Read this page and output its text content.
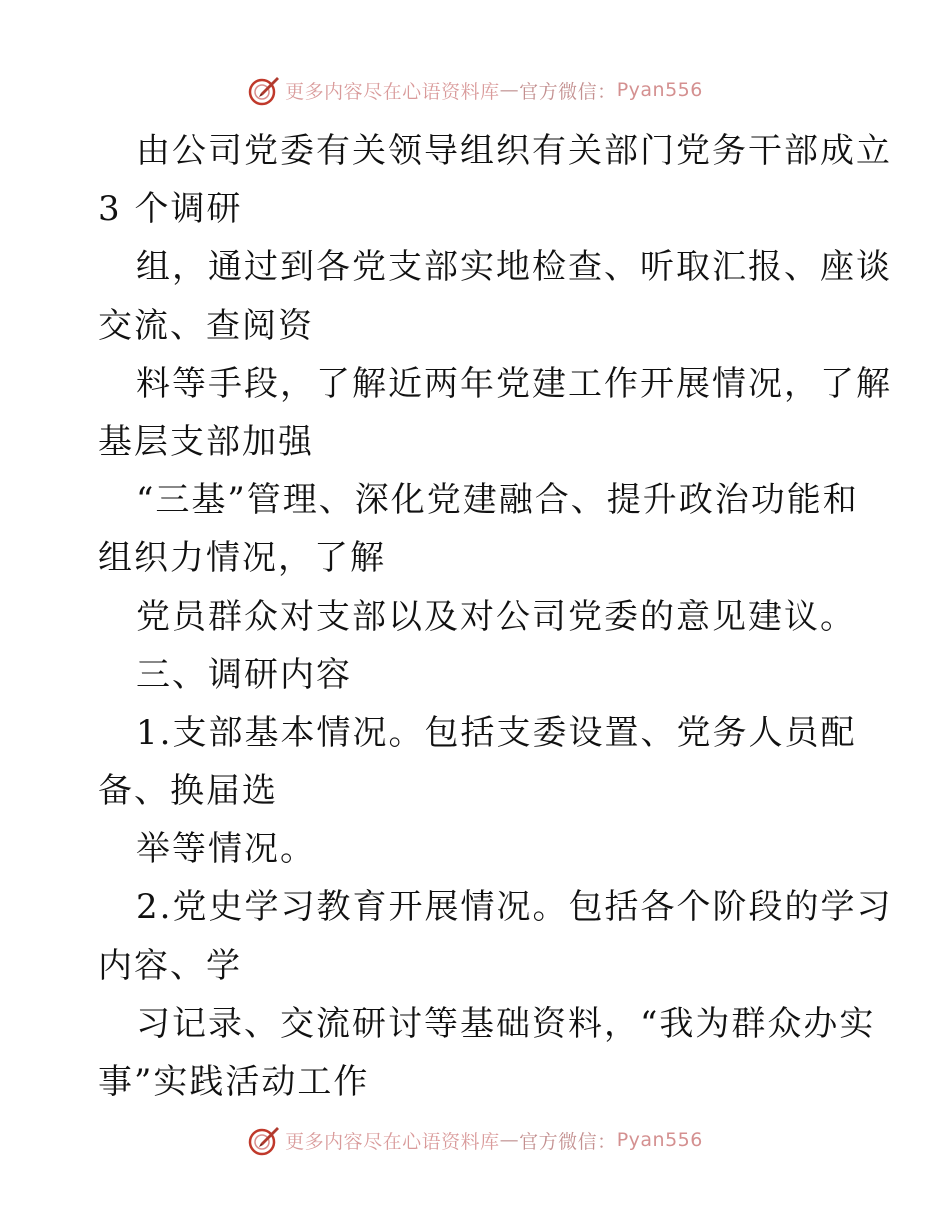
更多内容尽在心语资料库 — 官方微信： Pyan556
由公司党委有关领导组织有关部门党务干部成立
3 个调研
组，通过到各党支部实地检查、听取汇报、座谈
交流、查阅资
料等手段，了解近两年党建工作开展情况，了解
基层支部加强
“三基”管理、深化党建融合、提升政治功能和
组织力情况，了解
党员群众对支部以及对公司党委的意见建议。
三、调研内容
1.支部基本情况。包括支委设置、党务人员配
备、换届选
举等情况。
2.党史学习教育开展情况。包括各个阶段的学习
内容、学
习记录、交流研讨等基础资料，“我为群众办实
事”实践活动工作
更多内容尽在心语资料库 — 官方微信： Pyan556
